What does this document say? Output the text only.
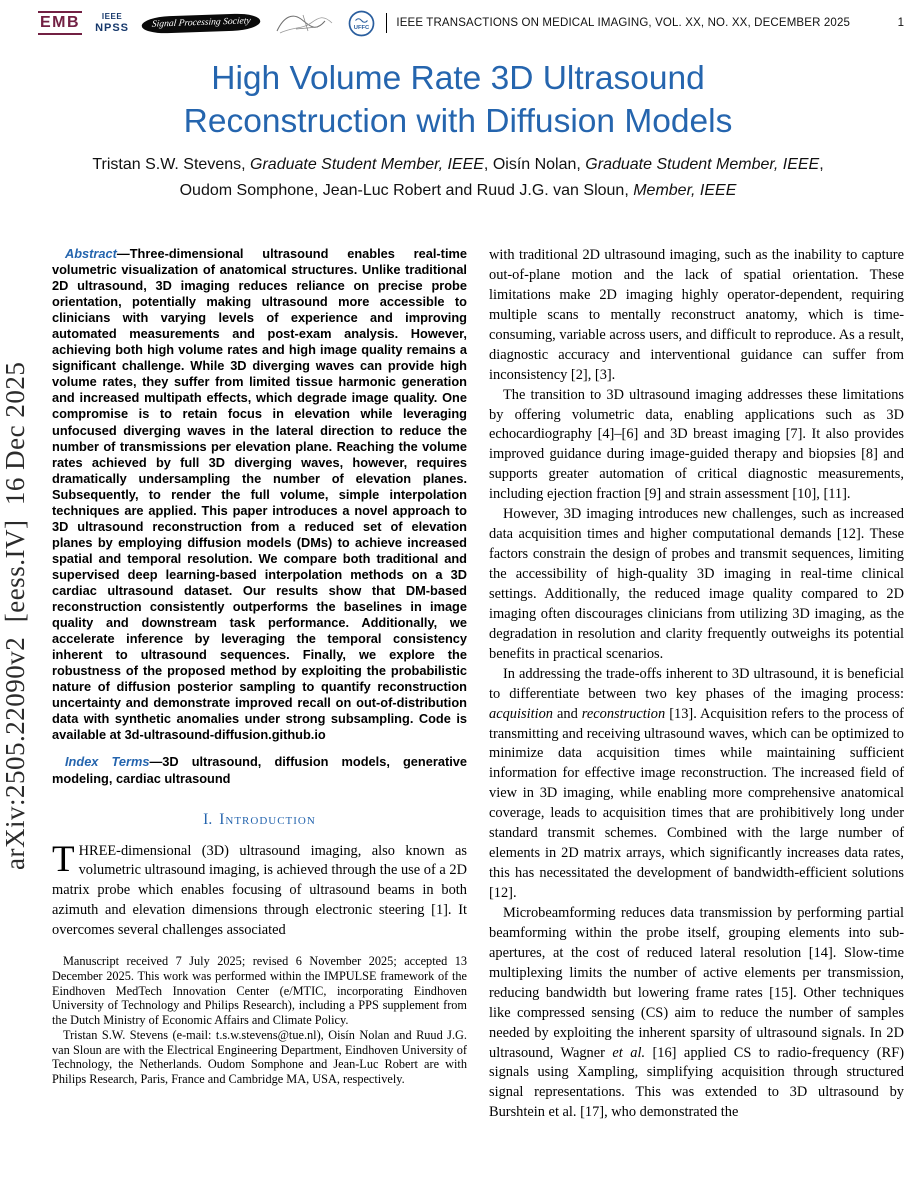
arXiv:2505.22090v2  [eess.IV]  16 Dec 2025
EMB	IEEE
NPSS	Signal Processing Society	UFFC IEEE TRANSACTIONS ON MEDICAL IMAGING, VOL. XX, NO. XX, DECEMBER 2025	1
High Volume Rate 3D Ultrasound Reconstruction with Diffusion Models
Tristan S.W. Stevens, Graduate Student Member, IEEE, Oisín Nolan, Graduate Student Member, IEEE,
Oudom Somphone, Jean-Luc Robert and Ruud J.G. van Sloun, Member, IEEE

Abstract—Three-dimensional ultrasound enables real-time volumetric visualization of anatomical structures. Unlike traditional 2D ultrasound, 3D imaging reduces reliance on precise probe orientation, potentially making ultrasound more accessible to clinicians with varying levels of experience and improving automated measurements and post-exam analysis. However, achieving both high volume rates and high image quality remains a significant challenge. While 3D diverging waves can provide high volume rates, they suffer from limited tissue harmonic generation and increased multipath effects, which degrade image quality. One compromise is to retain focus in elevation while leveraging unfocused diverging waves in the lateral direction to reduce the number of transmissions per elevation plane. Reaching the volume rates achieved by full 3D diverging waves, however, requires dramatically undersampling the number of elevation planes. Subsequently, to render the full volume, simple interpolation techniques are applied. This paper introduces a novel approach to 3D ultrasound reconstruction from a reduced set of elevation planes by employing diffusion models (DMs) to achieve increased spatial and temporal resolution. We compare both traditional and supervised deep learning-based interpolation methods on a 3D cardiac ultrasound dataset. Our results show that DM-based reconstruction consistently outperforms the baselines in image quality and downstream task performance. Additionally, we accelerate inference by leveraging the temporal consistency inherent to ultrasound sequences. Finally, we explore the robustness of the proposed method by exploiting the probabilistic nature of diffusion posterior sampling to quantify reconstruction uncertainty and demonstrate improved recall on out-of-distribution data with synthetic anomalies under strong subsampling. Code is available at 3d-ultrasound-diffusion.github.io

Index Terms—3D ultrasound, diffusion models, generative modeling, cardiac ultrasound

I. Introduction

THREE-dimensional (3D) ultrasound imaging, also known as volumetric ultrasound imaging, is achieved through the use of a 2D matrix probe which enables focusing of ultrasound beams in both azimuth and elevation dimensions through electronic steering [1]. It overcomes several challenges associated

Manuscript received 7 July 2025; revised 6 November 2025; accepted 13 December 2025. This work was performed within the IMPULSE framework of the Eindhoven MedTech Innovation Center (e/MTIC, incorporating Eindhoven University of Technology and Philips Research), including a PPS supplement from the Dutch Ministry of Economic Affairs and Climate Policy.

Tristan S.W. Stevens (e-mail: t.s.w.stevens@tue.nl), Oisín Nolan and Ruud J.G. van Sloun are with the Electrical Engineering Department, Eindhoven University of Technology, the Netherlands. Oudom Somphone and Jean-Luc Robert are with Philips Research, Paris, France and Cambridge MA, USA, respectively.

with traditional 2D ultrasound imaging, such as the inability to capture out-of-plane motion and the lack of spatial orientation. These limitations make 2D imaging highly operator-dependent, requiring multiple scans to mentally reconstruct anatomy, which is time-consuming, variable across users, and difficult to reproduce. As a result, diagnostic accuracy and interventional guidance can suffer from inconsistency [2], [3].

The transition to 3D ultrasound imaging addresses these limitations by offering volumetric data, enabling applications such as 3D echocardiography [4]–[6] and 3D breast imaging [7]. It also provides improved guidance during image-guided therapy and biopsies [8] and supports greater automation of critical diagnostic measurements, including ejection fraction [9] and strain assessment [10], [11].

However, 3D imaging introduces new challenges, such as increased data acquisition times and higher computational demands [12]. These factors constrain the design of probes and transmit sequences, limiting the accessibility of high-quality 3D imaging in real-time clinical settings. Additionally, the reduced image quality compared to 2D imaging often discourages clinicians from utilizing 3D imaging, as the degradation in resolution and clarity frequently outweighs its potential benefits in practical scenarios.

In addressing the trade-offs inherent to 3D ultrasound, it is beneficial to differentiate between two key phases of the imaging process: acquisition and reconstruction [13]. Acquisition refers to the process of transmitting and receiving ultrasound waves, which can be optimized to minimize data acquisition times while maintaining sufficient information for effective image reconstruction. The increased field of view in 3D imaging, while enabling more comprehensive anatomical coverage, leads to acquisition times that are prohibitively long under standard transmit schemes. Combined with the large number of elements in 2D matrix arrays, which significantly increases data rates, this has necessitated the development of bandwidth-efficient solutions [12].

Microbeamforming reduces data transmission by performing partial beamforming within the probe itself, grouping elements into sub-apertures, at the cost of reduced lateral resolution [14]. Slow-time multiplexing limits the number of active elements per transmission, reducing bandwidth but lowering frame rates [15]. Other techniques like compressed sensing (CS) aim to reduce the number of samples needed by exploiting the inherent sparsity of ultrasound signals. In 2D ultrasound, Wagner et al. [16] applied CS to radio-frequency (RF) signals using Xampling, simplifying acquisition through structured signal representations. This was extended to 3D ultrasound by Burshtein et al. [17], who demonstrated the
